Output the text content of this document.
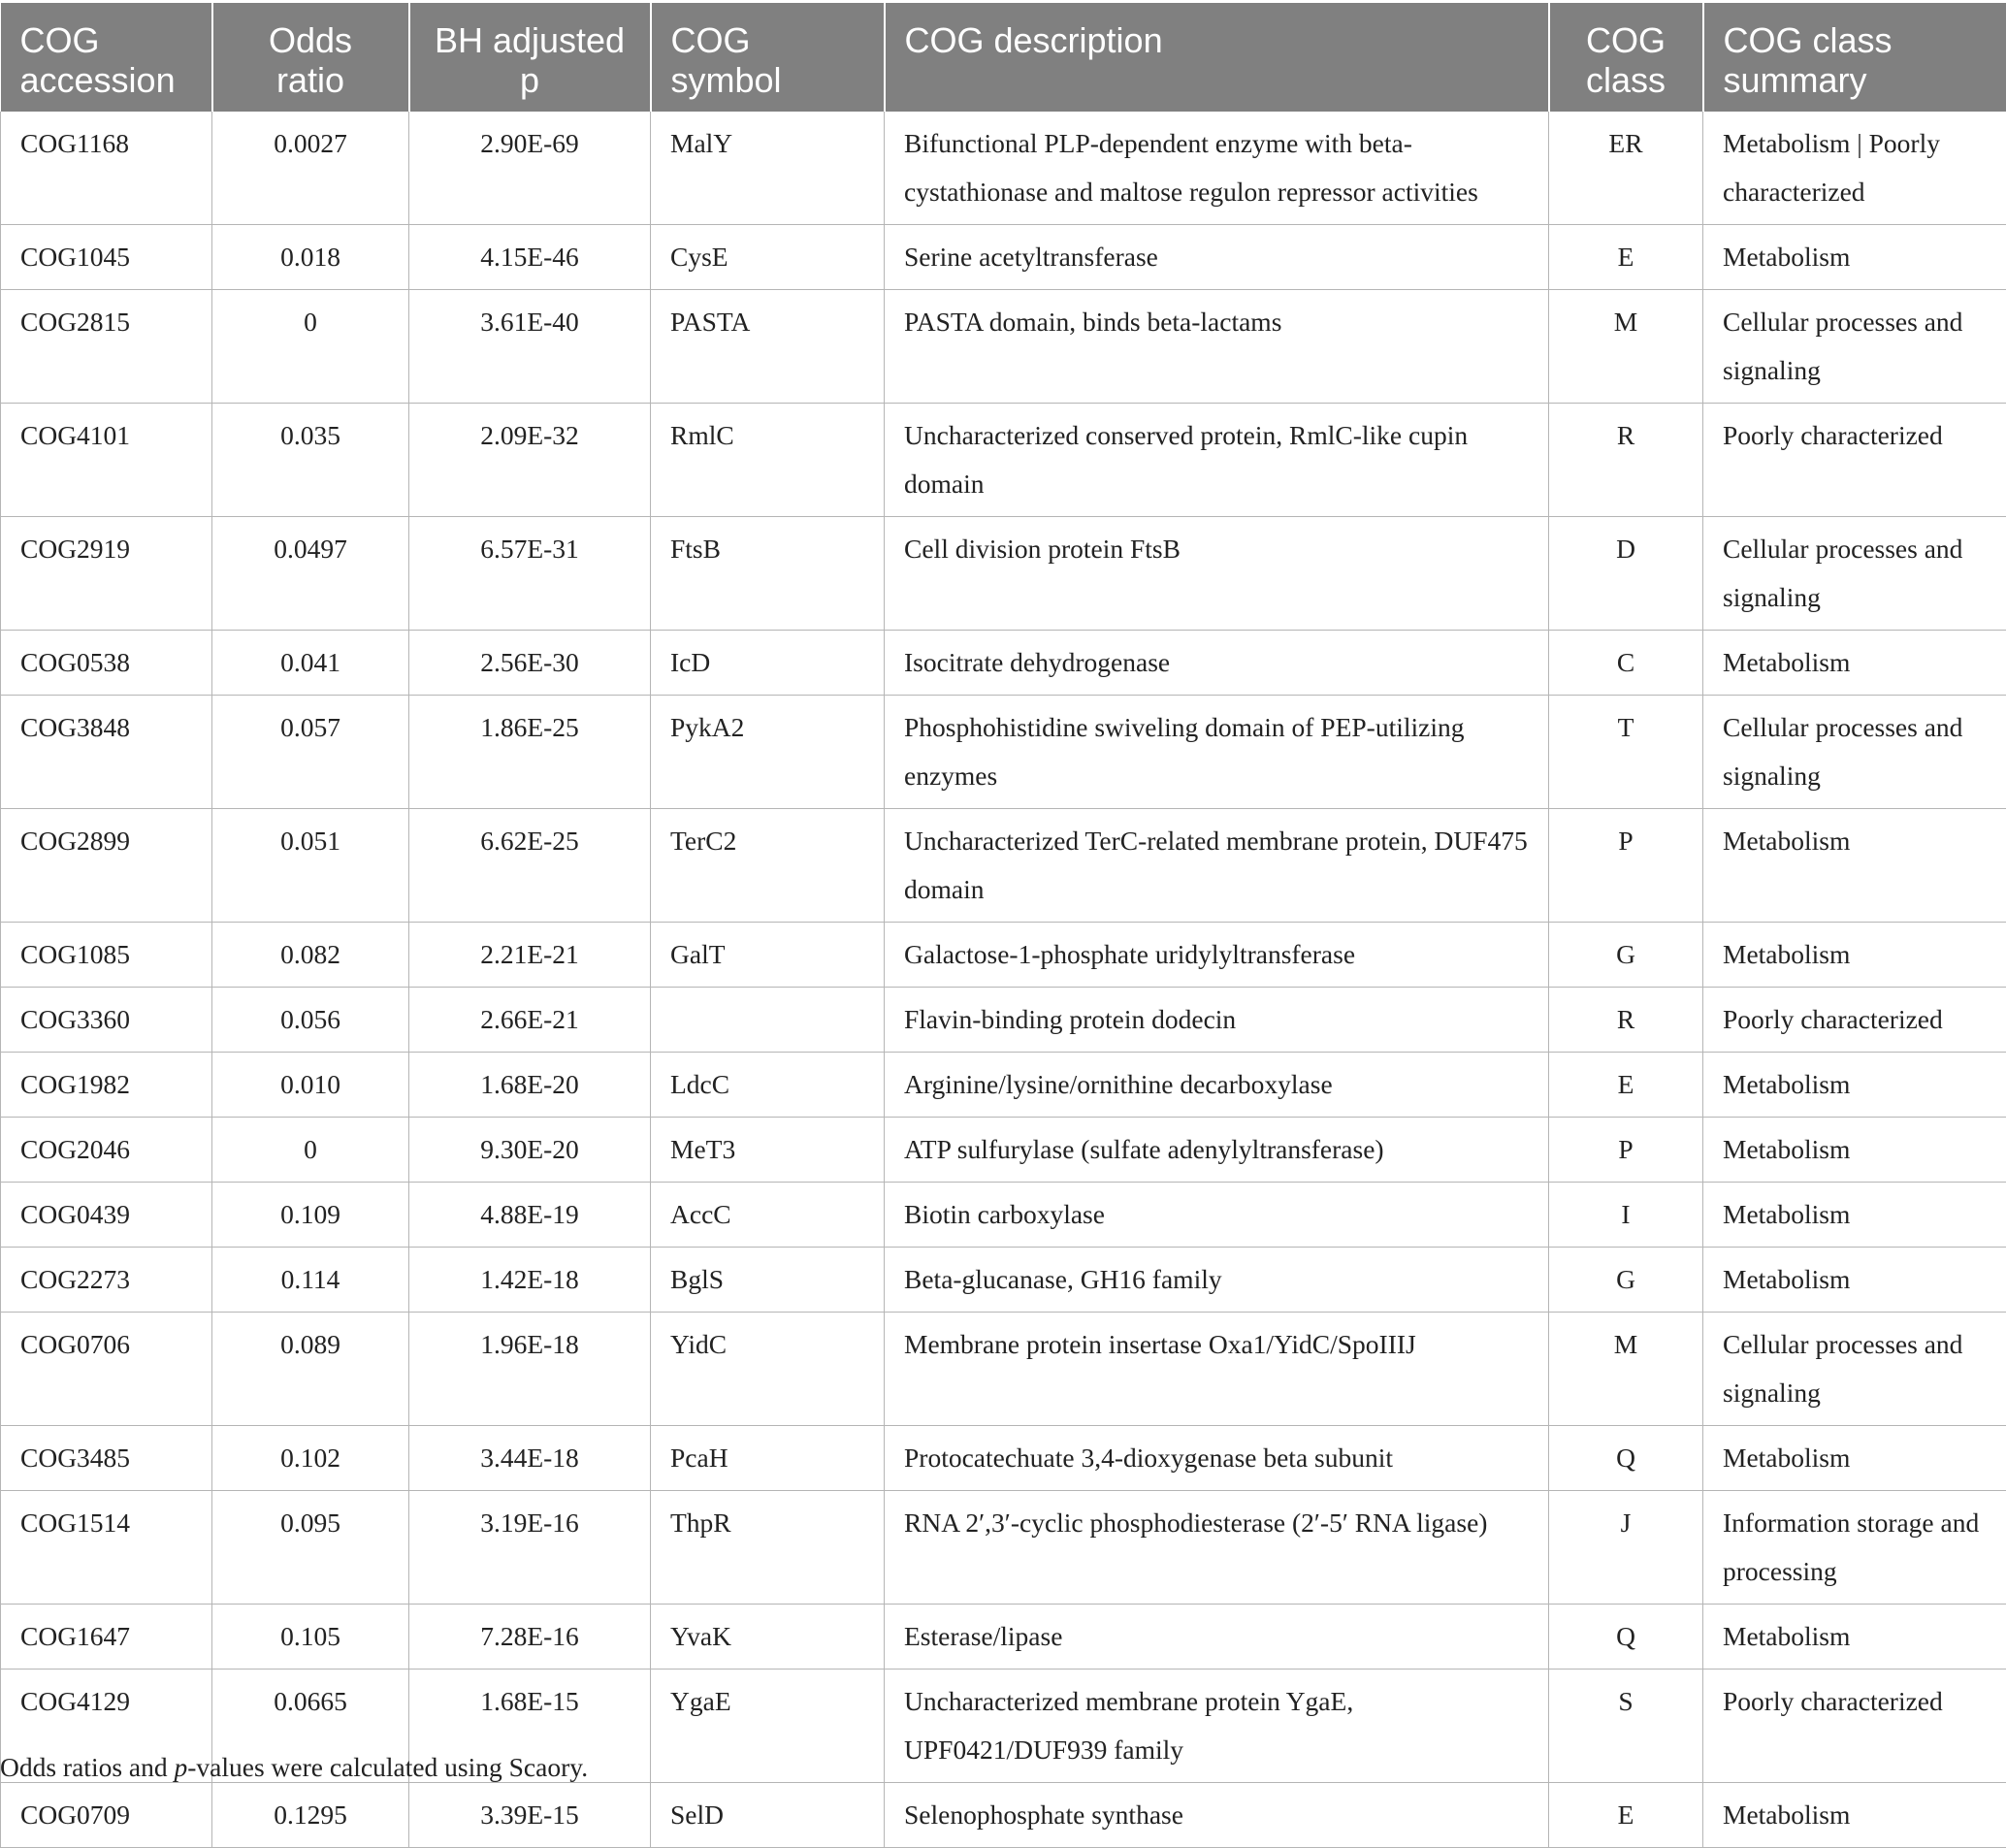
COG accession	Odds ratio	BH adjusted p	COG symbol	COG description	COG class	COG class summary
COG1168	0.0027	2.90E-69	MalY	Bifunctional PLP-dependent enzyme with beta-cystathionase and maltose regulon repressor activities	ER	Metabolism | Poorly characterized
COG1045	0.018	4.15E-46	CysE	Serine acetyltransferase	E	Metabolism
COG2815	0	3.61E-40	PASTA	PASTA domain, binds beta-lactams	M	Cellular processes and signaling
COG4101	0.035	2.09E-32	RmlC	Uncharacterized conserved protein, RmlC-like cupin domain	R	Poorly characterized
COG2919	0.0497	6.57E-31	FtsB	Cell division protein FtsB	D	Cellular processes and signaling
COG0538	0.041	2.56E-30	IcD	Isocitrate dehydrogenase	C	Metabolism
COG3848	0.057	1.86E-25	PykA2	Phosphohistidine swiveling domain of PEP-utilizing enzymes	T	Cellular processes and signaling
COG2899	0.051	6.62E-25	TerC2	Uncharacterized TerC-related membrane protein, DUF475 domain	P	Metabolism
COG1085	0.082	2.21E-21	GalT	Galactose-1-phosphate uridylyltransferase	G	Metabolism
COG3360	0.056	2.66E-21		Flavin-binding protein dodecin	R	Poorly characterized
COG1982	0.010	1.68E-20	LdcC	Arginine/lysine/ornithine decarboxylase	E	Metabolism
COG2046	0	9.30E-20	MeT3	ATP sulfurylase (sulfate adenylyltransferase)	P	Metabolism
COG0439	0.109	4.88E-19	AccC	Biotin carboxylase	I	Metabolism
COG2273	0.114	1.42E-18	BglS	Beta-glucanase, GH16 family	G	Metabolism
COG0706	0.089	1.96E-18	YidC	Membrane protein insertase Oxa1/YidC/SpoIIIJ	M	Cellular processes and signaling
COG3485	0.102	3.44E-18	PcaH	Protocatechuate 3,4-dioxygenase beta subunit	Q	Metabolism
COG1514	0.095	3.19E-16	ThpR	RNA 2′,3′-cyclic phosphodiesterase (2′-5′ RNA ligase)	J	Information storage and processing
COG1647	0.105	7.28E-16	YvaK	Esterase/lipase	Q	Metabolism
COG4129	0.0665	1.68E-15	YgaE	Uncharacterized membrane protein YgaE, UPF0421/DUF939 family	S	Poorly characterized
COG0709	0.1295	3.39E-15	SelD	Selenophosphate synthase	E	Metabolism
Odds ratios and p-values were calculated using Scaory.
